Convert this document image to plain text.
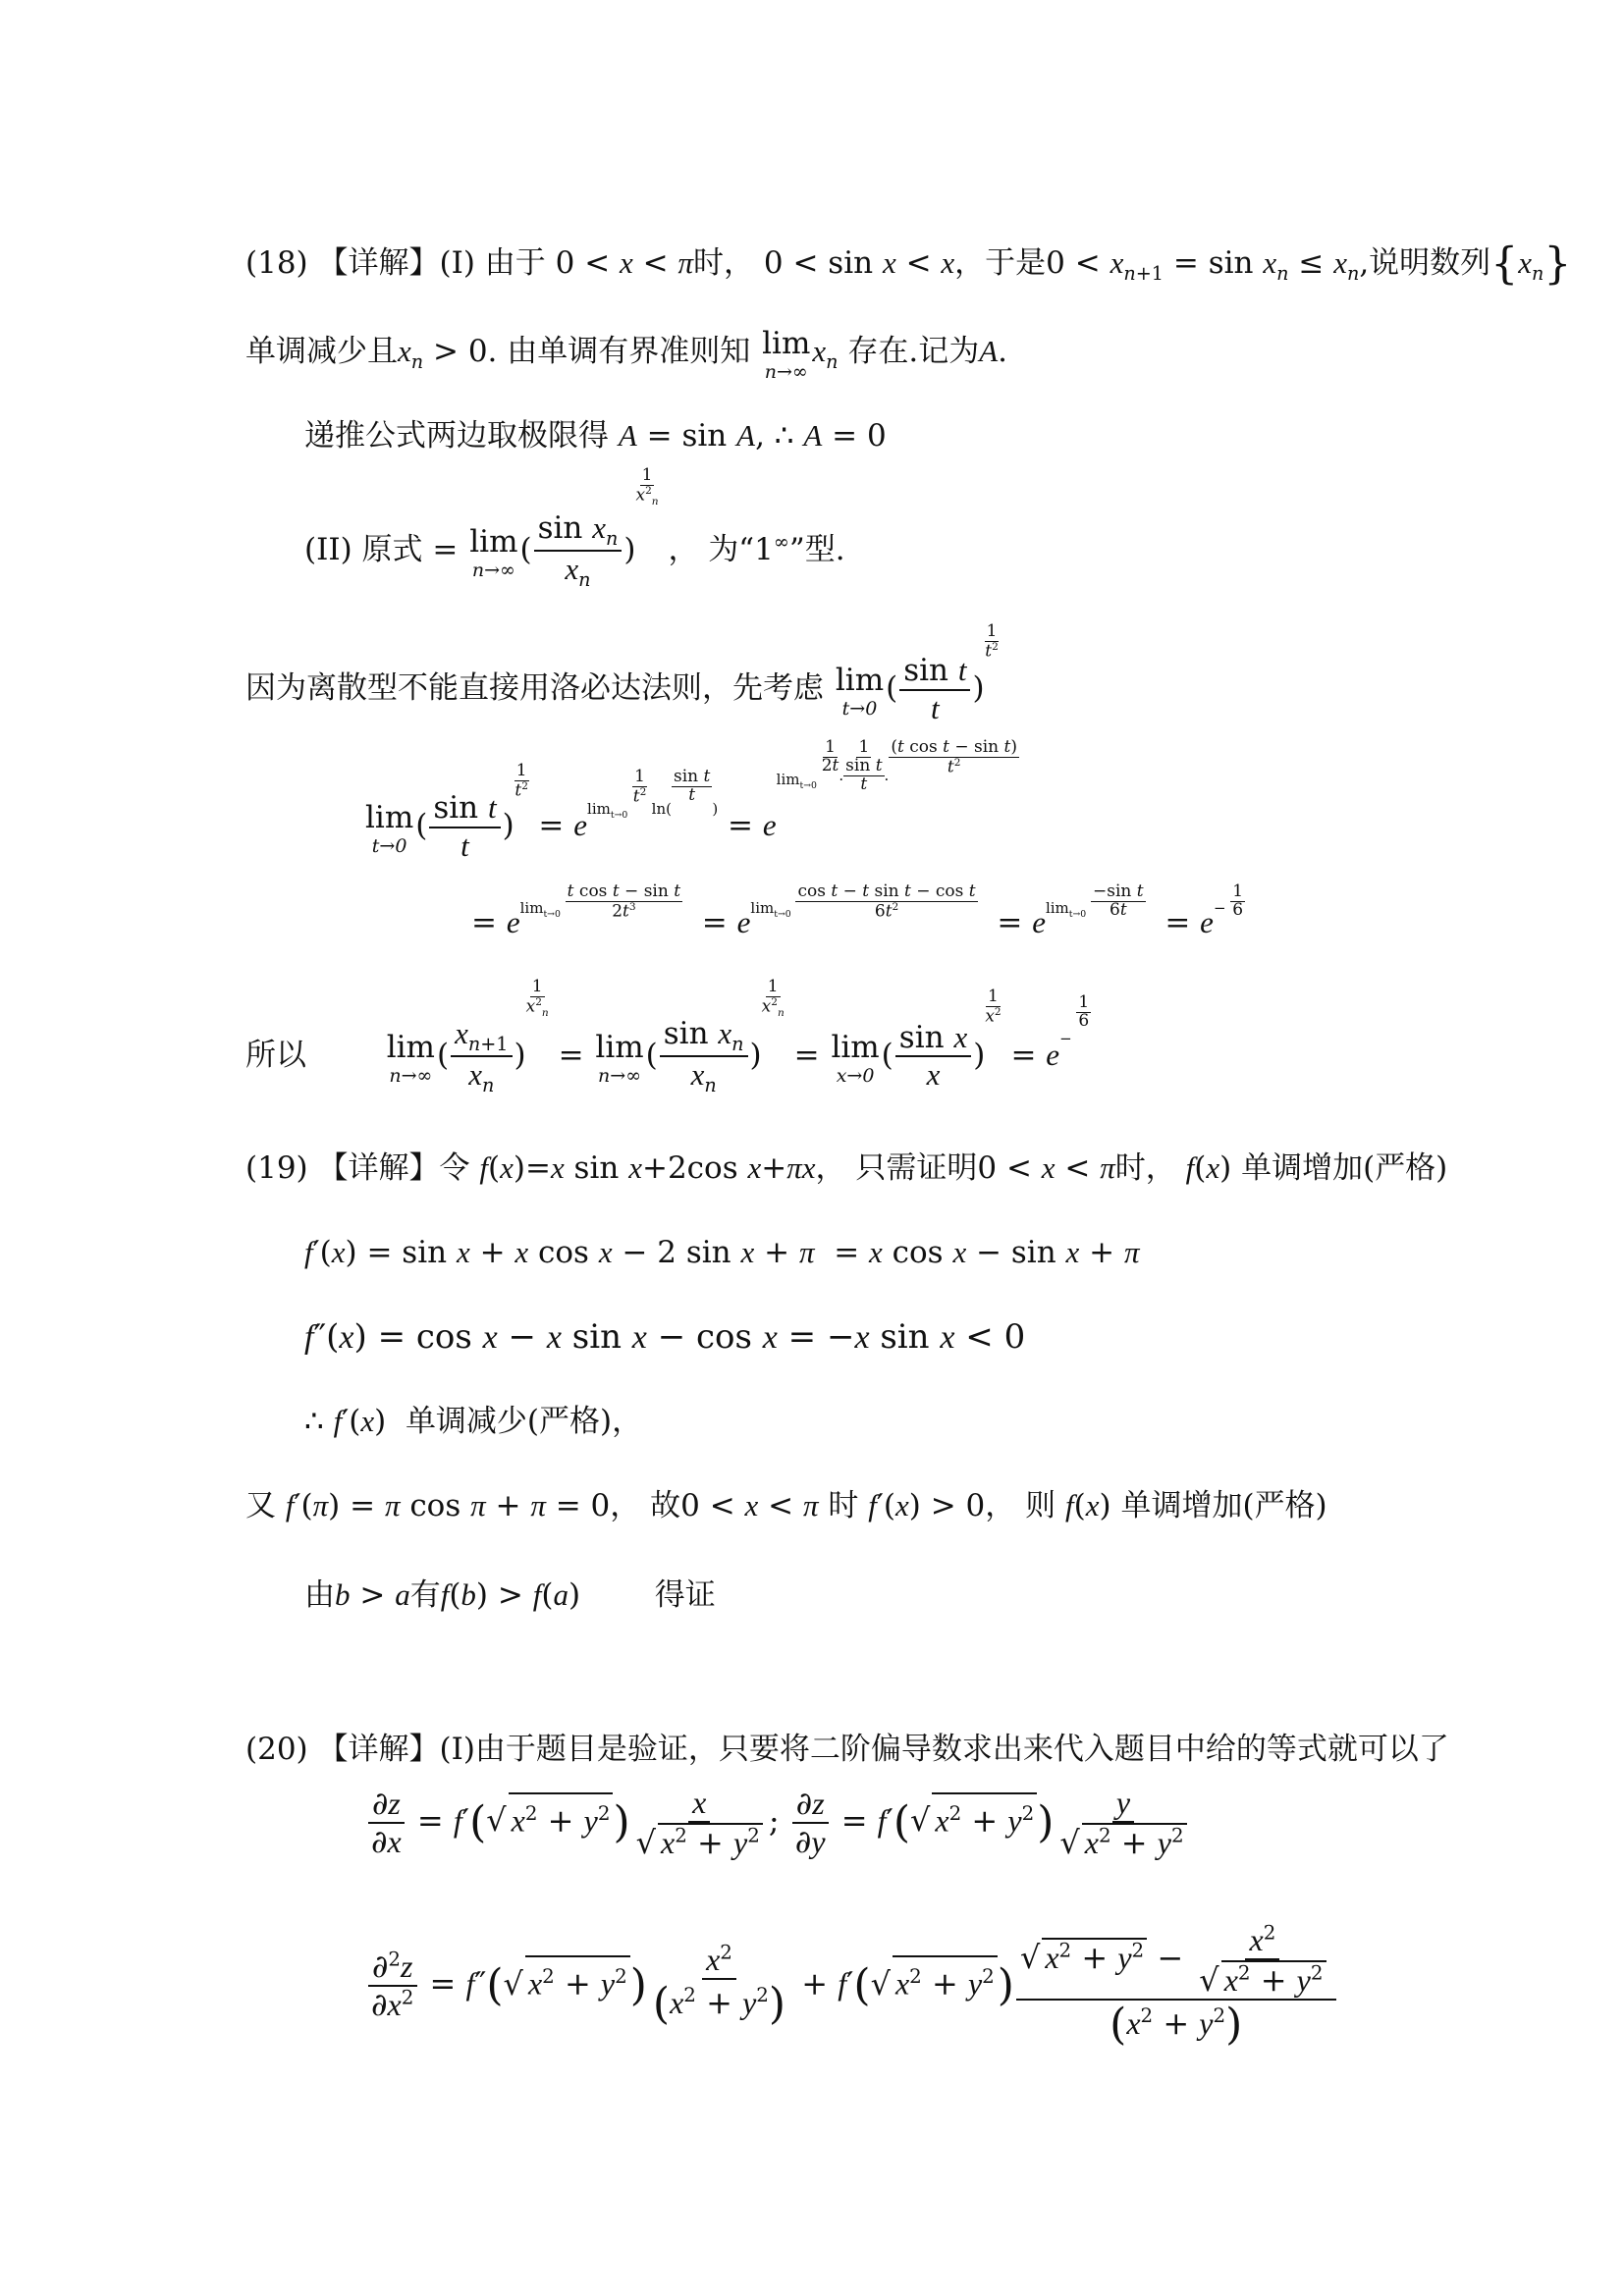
(18) 【详解】(I) 由于 0 < x < π时， 0 < sin x < x，于是$0 < x_{n+1} = \sin x_n \le x_n$,说明数列$\{x_n\}$
单调减少且$x_n > 0$. 由单调有界准则知 lim
n→∞
$x_n$ 存在.记为A.
递推公式两边取极限得 A = sin A, ∴ A = 0
(II) 原式 = lim
n→∞
( $\frac{\sin x_n}{x_n}$ )
$\frac{1}{x^2_n}$
， 为“1∞”型.
因为离散型不能直接用洛必达法则，先考虑 lim
t→0
( $\frac{\text{sin t}}{t}$ )
$\frac{1}{t^2}$
lim
t→0
( $\frac{\text{sin t}}{t}$ )
$\frac{1}{t^2}$
= $e^{lim_{t\to 0} \frac{1}{t^2} ln( \frac{\text{sin t}}{t} )} = e^{lim_{t\to 0} \frac{1}{2t} \cdot \frac{1}{\frac{\text{sin t}}{t}} \cdot \frac{\text{(t cos t − sin t)}}{t^2}}$
= $e^{lim_{t\to 0} \frac{\text{t cos t − sin t}}{2t^3}}$
= $e^{lim_{t\to 0} \frac{\text{cos t − t sin t − cos t}}{6t^2}}$
= $e^{lim_{t\to 0} \frac{\text{−sin t}}{6t}}$
= $e^{- \frac{1}{6}}$
所以	lim
n→∞
( $\frac{x_{n+1}}{x_n}$ )
$\frac{1}{x^2_n}$
= lim
n→∞
( $\frac{\sin x_n}{x_n}$ )
$\frac{1}{x^2_n}$
= lim
x→0
( $\frac{\text{sin x}}{x}$ )
$\frac{1}{x^2}$
= $e^{- \frac{1}{6}}$
(19) 【详解】令 f(x)=x sin x+2cos x+πx， 只需证明0 < x < π时， f(x) 单调增加(严格)
f′(x) = sin x + x cos x − 2 sin x + π  = x cos x − sin x + π
f″(x) = cos x − x sin x − cos x = −x sin x < 0
∴ f′(x) 单调减少(严格)，
又 f′(π) = π cos π + π = 0， 故0 < x < π 时 f′(x) > 0， 则 f(x) 单调增加(严格)
由b > a有f(b) > f(a) 得证
(20) 【详解】(I)由于题目是验证，只要将二阶偏导数求出来代入题目中给的等式就可以了
$\frac{\partial z}{\partial x} = f'(√$ $x^2 + y^2$) x
√ $x^2 + y^2$ ; $\frac{\partial z}{\partial y} = f'(√$ $x^2 + y^2$) y
√ $x^2 + y^2$
$\frac{\partial^2z}{\partial x^2} = f''(√$ $x^2 + y^2) \frac{x^2}{(x^2 + y^2)} + f'(√$ $x^2 + y^2$)
√ $x^2 + y^2 - x^2$
√ $x^2 + y^2$
$(x^2 + y^2)$
